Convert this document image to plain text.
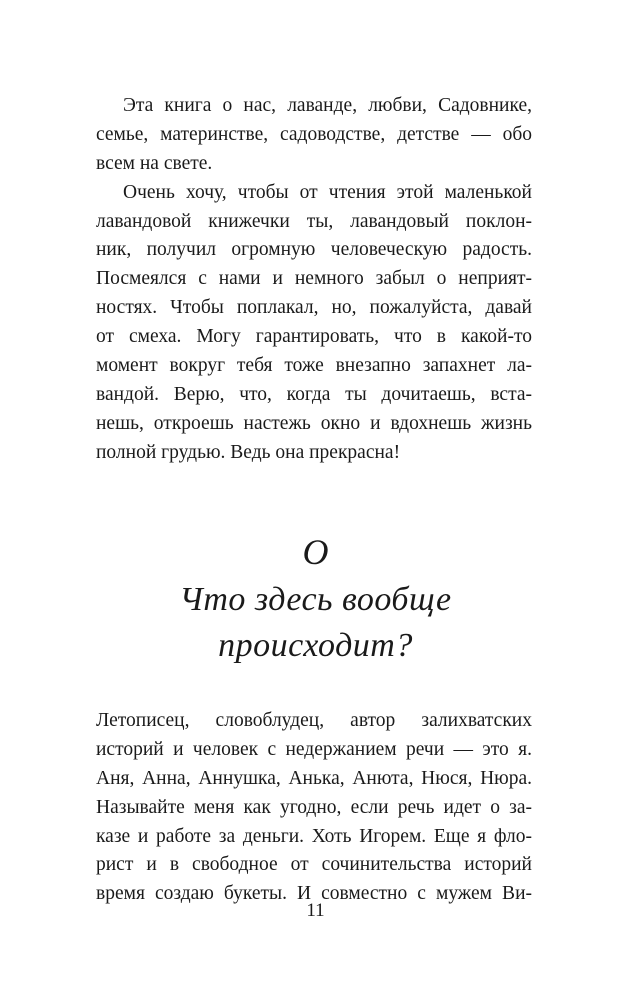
Эта книга о нас, лаванде, любви, Садовнике,
семье, материнстве, садоводстве, детстве — обо
всем на свете.
Очень хочу, чтобы от чтения этой маленькой
лавандовой книжечки ты, лавандовый поклон-
ник, получил огромную человеческую радость.
Посмеялся с нами и немного забыл о неприят-
ностях. Чтобы поплакал, но, пожалуйста, давай
от смеха. Могу гарантировать, что в какой-то
момент вокруг тебя тоже внезапно запахнет ла-
вандой. Верю, что, когда ты дочитаешь, вста-
нешь, откроешь настежь окно и вдохнешь жизнь
полной грудью. Ведь она прекрасна!
О
Что здесь вообще
происходит?
Летописец, словоблудец, автор залихватских
историй и человек с недержанием речи — это я.
Аня, Анна, Аннушка, Анька, Анюта, Нюся, Нюра.
Называйте меня как угодно, если речь идет о за-
казе и работе за деньги. Хоть Игорем. Еще я фло-
рист и в свободное от сочинительства историй
время создаю букеты. И совместно с мужем Ви-
11
